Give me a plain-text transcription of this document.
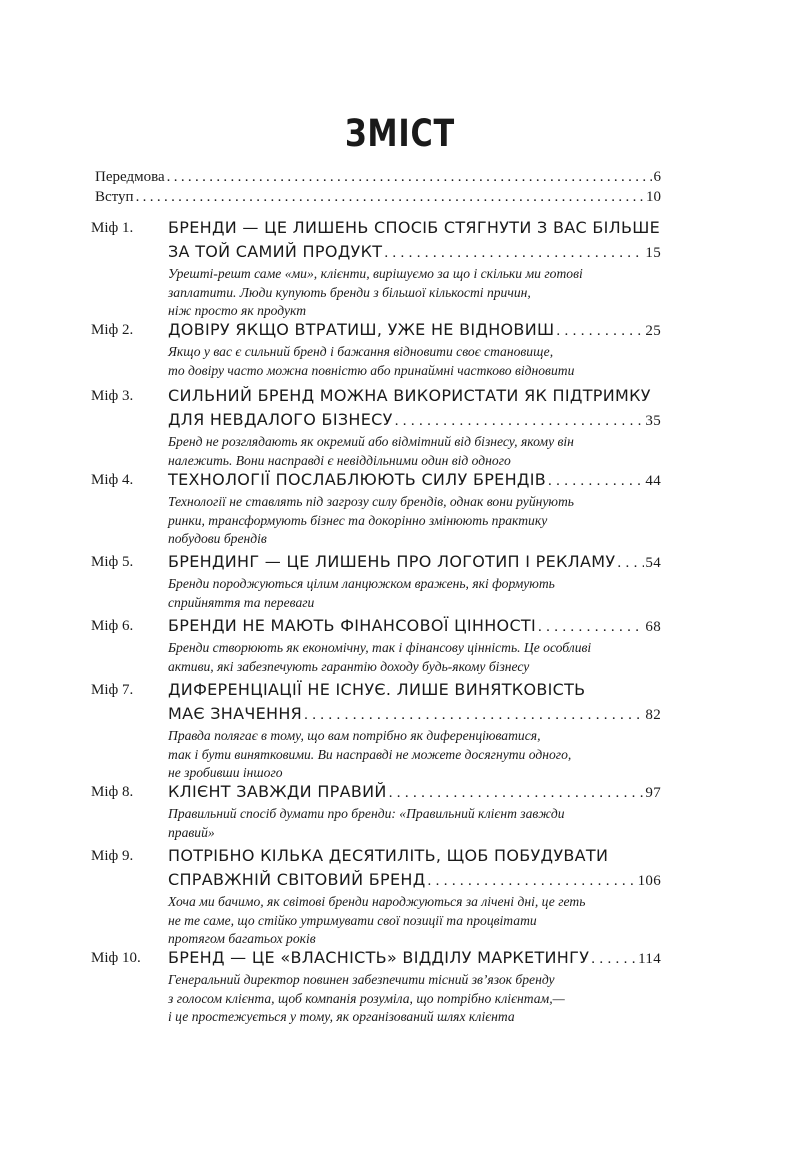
ЗМІСТ
Передмова . . .	6
Вступ . . .	10
Міф 1. БРЕНДИ — ЦЕ ЛИШЕНЬ СПОСІБ СТЯГНУТИ З ВАС БІЛЬШЕ
ЗА ТОЙ САМИЙ ПРОДУКТ . . .	15
Урешті-решт саме «ми», клієнти, вирішуємо за що і скільки ми готові
заплатити. Люди купують бренди з більшої кількості причин,
ніж просто як продукт
Міф 2. ДОВІРУ ЯКЩО ВТРАТИШ, УЖЕ НЕ ВІДНОВИШ . . .	25
Якщо у вас є сильний бренд і бажання відновити своє становище,
то довіру часто можна повністю або принаймні частково відновити
Міф 3. СИЛЬНИЙ БРЕНД МОЖНА ВИКОРИСТАТИ ЯК ПІДТРИМКУ
ДЛЯ НЕВДАЛОГО БІЗНЕСУ . . .	35
Бренд не розглядають як окремий або відмітний від бізнесу, якому він
належить. Вони насправді є невіддільними один від одного
Міф 4. ТЕХНОЛОГІЇ ПОСЛАБЛЮЮТЬ СИЛУ БРЕНДІВ . . .	44
Технології не ставлять під загрозу силу брендів, однак вони руйнують
ринки, трансформують бізнес та докорінно змінюють практику
побудови брендів
Міф 5. БРЕНДИНГ — ЦЕ ЛИШЕНЬ ПРО ЛОГОТИП І РЕКЛАМУ . . . 54
Бренди породжуються цілим ланцюжком вражень, які формують
сприйняття та переваги
Міф 6. БРЕНДИ НЕ МАЮТЬ ФІНАНСОВОЇ ЦІННОСТІ . . .	68
Бренди створюють як економічну, так і фінансову цінність. Це особливі
активи, які забезпечують гарантію доходу будь-якому бізнесу
Міф 7. ДИФЕРЕНЦІАЦІЇ НЕ ІСНУЄ. ЛИШЕ ВИНЯТКОВІСТЬ
МАЄ ЗНАЧЕННЯ . . .	82
Правда полягає в тому, що вам потрібно як диференціюватися,
так і бути винятковими. Ви насправді не можете досягнути одного,
не зробивши іншого
Міф 8. КЛІЄНТ ЗАВЖДИ ПРАВИЙ . . .	97
Правильний спосіб думати про бренди: «Правильний клієнт завжди
правий»
Міф 9. ПОТРІБНО КІЛЬКА ДЕСЯТИЛІТЬ, ЩОБ ПОБУДУВАТИ
СПРАВЖНІЙ СВІТОВИЙ БРЕНД . . .	106
Хоча ми бачимо, як світові бренди народжуються за лічені дні, це геть
не те саме, що стійко утримувати свої позиції та процвітати
протягом багатьох років
Міф 10. БРЕНД — ЦЕ «ВЛАСНІСТЬ» ВІДДІЛУ МАРКЕТИНГУ . . .	114
Генеральний директор повинен забезпечити тісний зв’язок бренду
з голосом клієнта, щоб компанія розуміла, що потрібно клієнтам,—
і це простежується у тому, як організований шлях клієнта
